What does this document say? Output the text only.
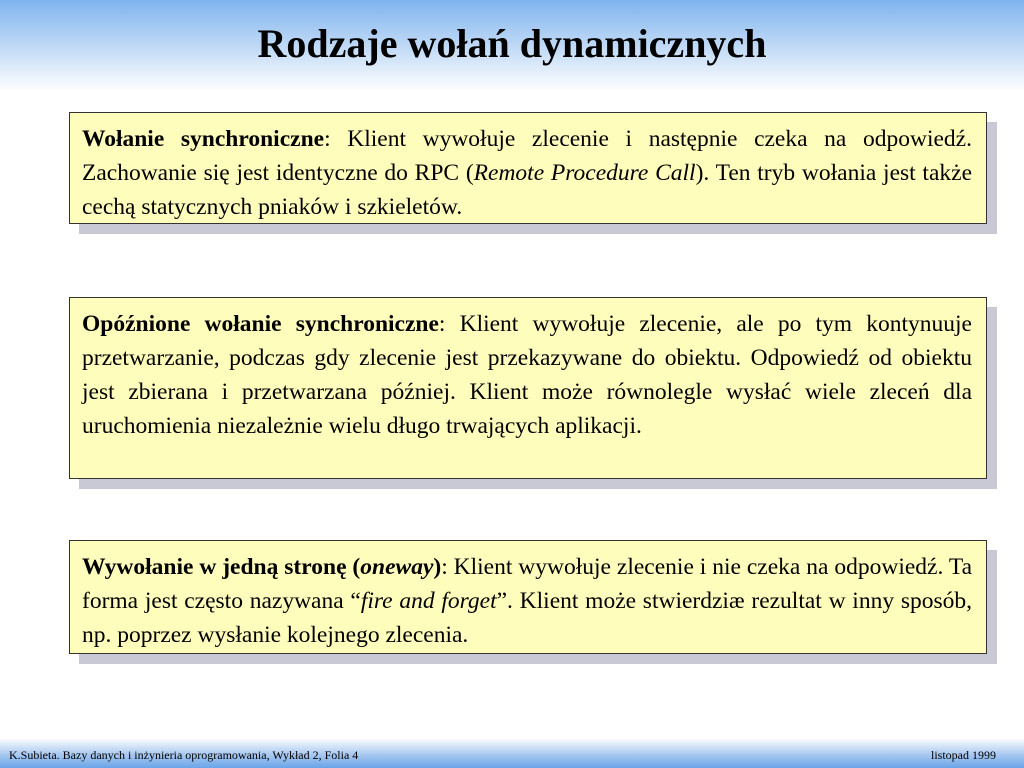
Rodzaje wołań dynamicznych
Wołanie synchroniczne: Klient wywołuje zlecenie i następnie czeka na odpowiedź. Zachowanie się jest identyczne do RPC (Remote Procedure Call). Ten tryb wołania jest także cechą statycznych pniaków i szkieletów.
Opóźnione wołanie synchroniczne: Klient wywołuje zlecenie, ale po tym kontynuuje przetwarzanie, podczas gdy zlecenie jest przekazywane do obiektu. Odpowiedź od obiektu jest zbierana i przetwarzana później. Klient może równolegle wysłać wiele zleceń dla uruchomienia niezależnie wielu długo trwających aplikacji.
Wywołanie w jedną stronę (oneway): Klient wywołuje zlecenie i nie czeka na odpowiedź. Ta forma jest często nazywana “fire and forget”. Klient może stwierdziæ rezultat w inny sposób, np. poprzez wysłanie kolejnego zlecenia.
K.Subieta. Bazy danych i inżynieria oprogramowania, Wykład 2, Folia 4	listopad 1999
